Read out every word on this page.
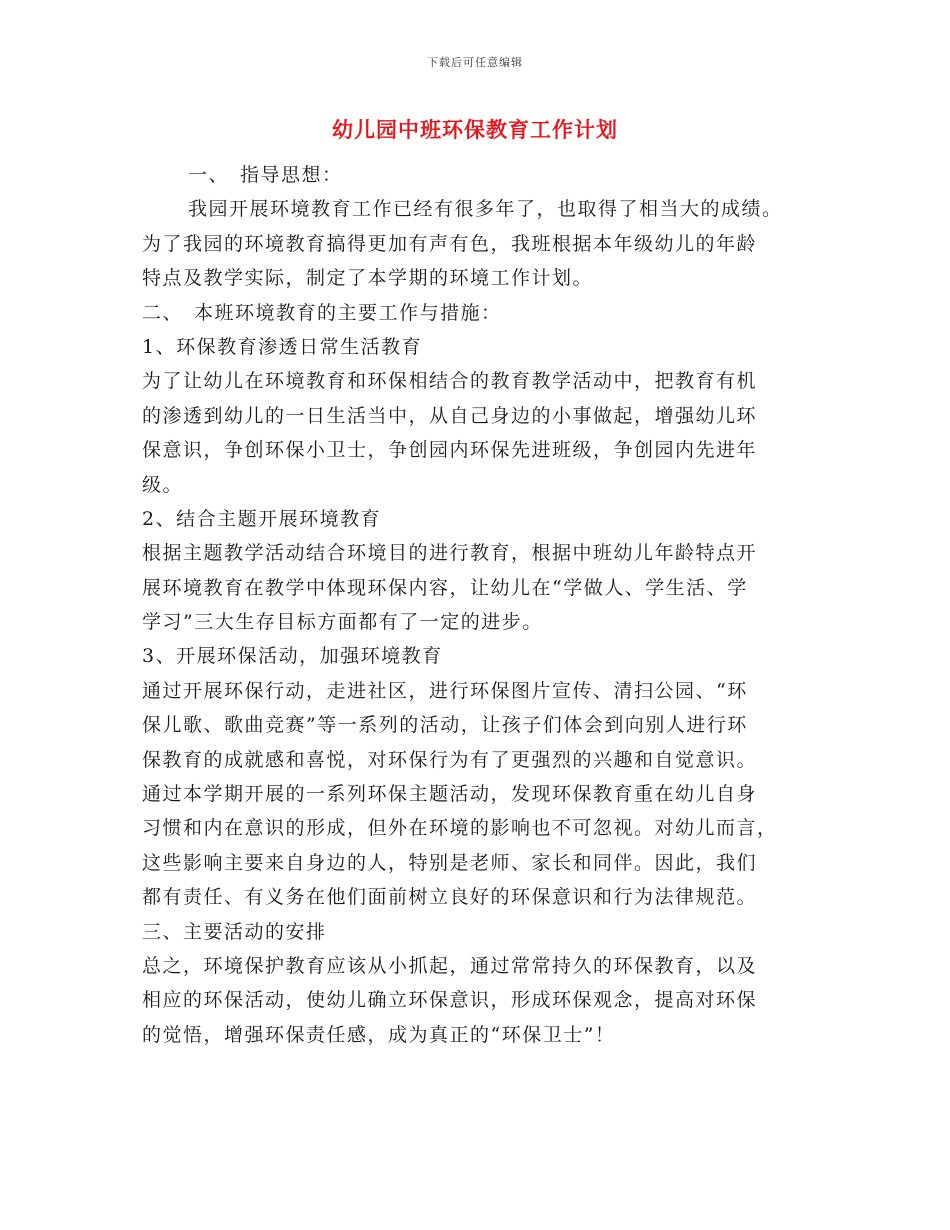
下载后可任意编辑
幼儿园中班环保教育工作计划
一、　指导思想：
我园开展环境教育工作已经有很多年了，也取得了相当大的成绩。
为了我园的环境教育搞得更加有声有色，我班根据本年级幼儿的年龄
特点及教学实际，制定了本学期的环境工作计划。
二、　本班环境教育的主要工作与措施：
1、环保教育渗透日常生活教育
为了让幼儿在环境教育和环保相结合的教育教学活动中，把教育有机
的渗透到幼儿的一日生活当中，从自己身边的小事做起，增强幼儿环
保意识，争创环保小卫士，争创园内环保先进班级，争创园内先进年
级。
2、结合主题开展环境教育
根据主题教学活动结合环境目的进行教育，根据中班幼儿年龄特点开
展环境教育在教学中体现环保内容，让幼儿在“学做人、学生活、学
学习”三大生存目标方面都有了一定的进步。
3、开展环保活动，加强环境教育
通过开展环保行动，走进社区，进行环保图片宣传、清扫公园、“环
保儿歌、歌曲竞赛”等一系列的活动，让孩子们体会到向别人进行环
保教育的成就感和喜悦，对环保行为有了更强烈的兴趣和自觉意识。
通过本学期开展的一系列环保主题活动，发现环保教育重在幼儿自身
习惯和内在意识的形成，但外在环境的影响也不可忽视。对幼儿而言，
这些影响主要来自身边的人，特别是老师、家长和同伴。因此，我们
都有责任、有义务在他们面前树立良好的环保意识和行为法律规范。
三、主要活动的安排
总之，环境保护教育应该从小抓起，通过常常持久的环保教育，以及
相应的环保活动，使幼儿确立环保意识，形成环保观念，提高对环保
的觉悟，增强环保责任感，成为真正的“环保卫士”！
